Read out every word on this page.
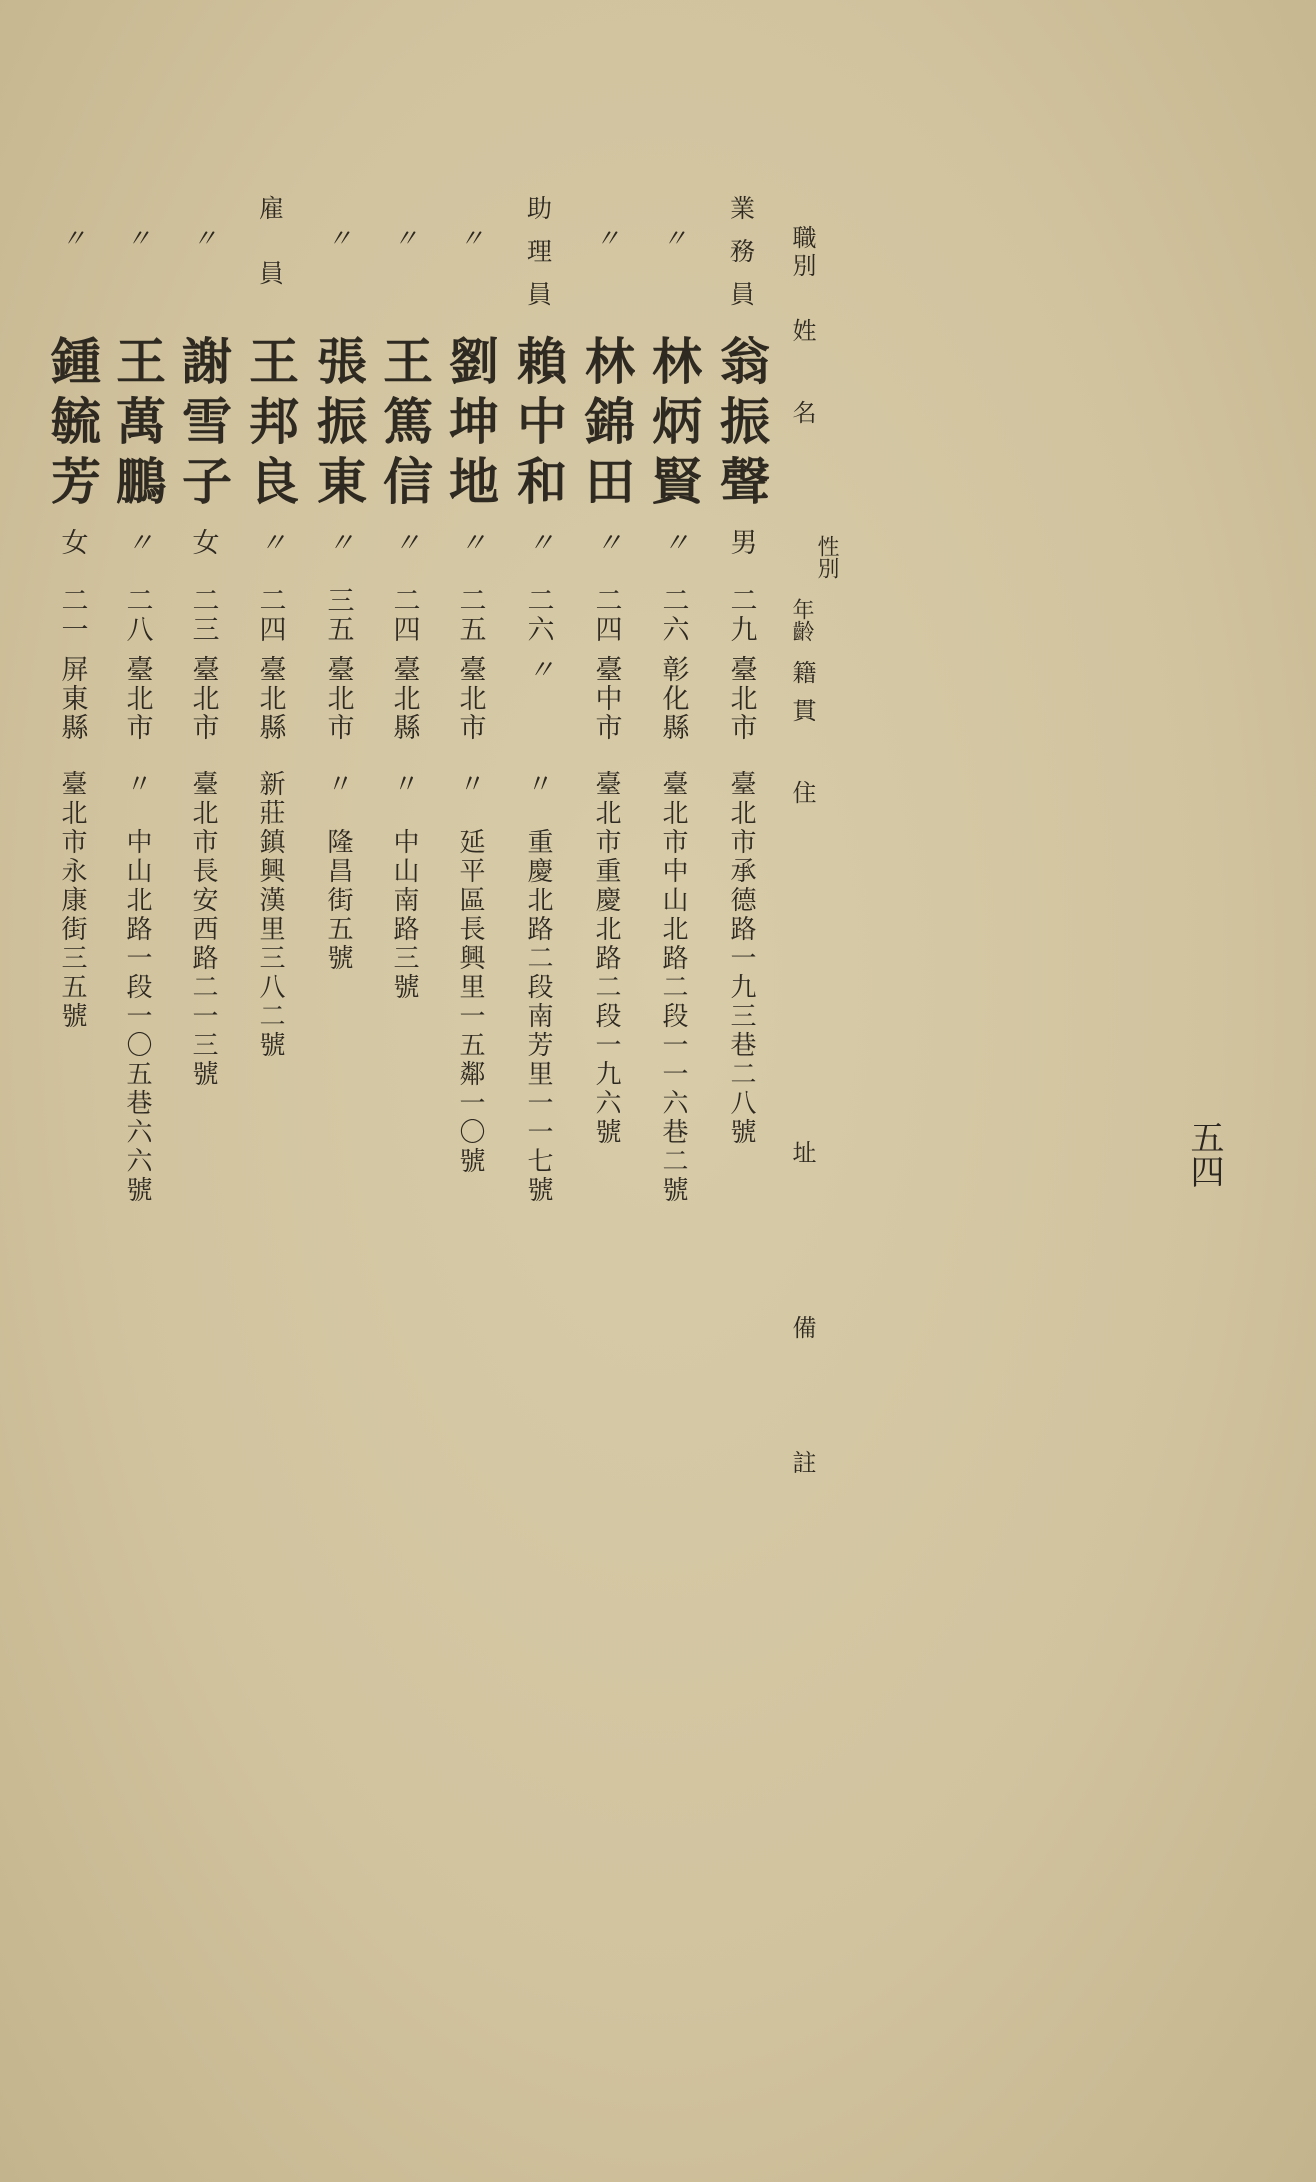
五四
職別
姓
名
性別
年齡
籍貫
住
址
備
註
業務員
翁振聲
男
二九
臺北市
臺北市承德路一九三巷二八號
〃
林炳賢
〃
二六
彰化縣
臺北市中山北路二段一一六巷二號
〃
林錦田
〃
二四
臺中市
臺北市重慶北路二段一九六號
助理員
賴中和
〃
二六
〃
〃　重慶北路二段南芳里一一七號
〃
劉坤地
〃
二五
臺北市
〃　延平區長興里一五鄰一〇號
〃
王篤信
〃
二四
臺北縣
〃　中山南路三號
〃
張振東
〃
三五
臺北市
〃　隆昌街五號
雇員
王邦良
〃
二四
臺北縣
新莊鎮興漢里三八二號
〃
謝雪子
女
二三
臺北市
臺北市長安西路二一三號
〃
王萬鵬
〃
二八
臺北市
〃　中山北路一段一〇五巷六六號
〃
鍾毓芳
女
二一
屏東縣
臺北市永康街三五號
